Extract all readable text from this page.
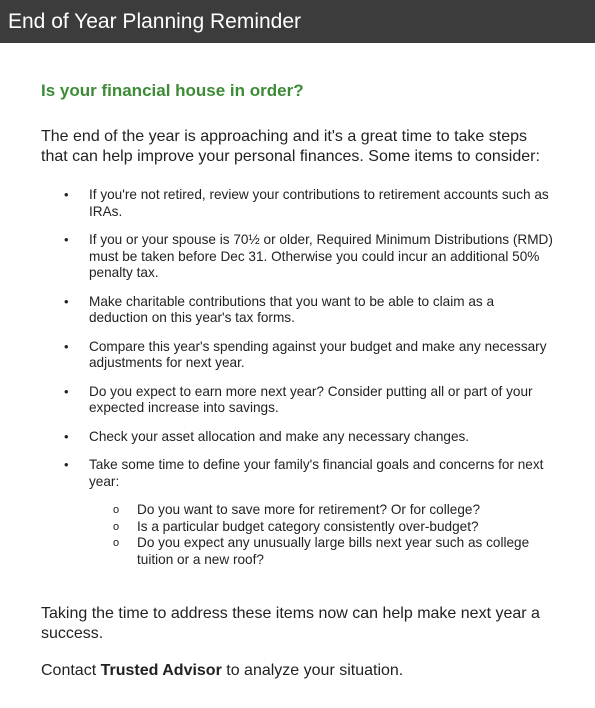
End of Year Planning Reminder
Is your financial house in order?

The end of the year is approaching and it's a great time to take steps that can help improve your personal finances. Some items to consider:

• If you're not retired, review your contributions to retirement accounts such as IRAs.
• If you or your spouse is 70½ or older, Required Minimum Distributions (RMD) must be taken before Dec 31. Otherwise you could incur an additional 50% penalty tax.
• Make charitable contributions that you want to be able to claim as a deduction on this year's tax forms.
• Compare this year's spending against your budget and make any necessary adjustments for next year.
• Do you expect to earn more next year? Consider putting all or part of your expected increase into savings.
• Check your asset allocation and make any necessary changes.
• Take some time to define your family's financial goals and concerns for next year:
o Do you want to save more for retirement? Or for college?
o Is a particular budget category consistently over-budget?
o Do you expect any unusually large bills next year such as college tuition or a new roof?

Taking the time to address these items now can help make next year a success.

Contact Trusted Advisor to analyze your situation.
